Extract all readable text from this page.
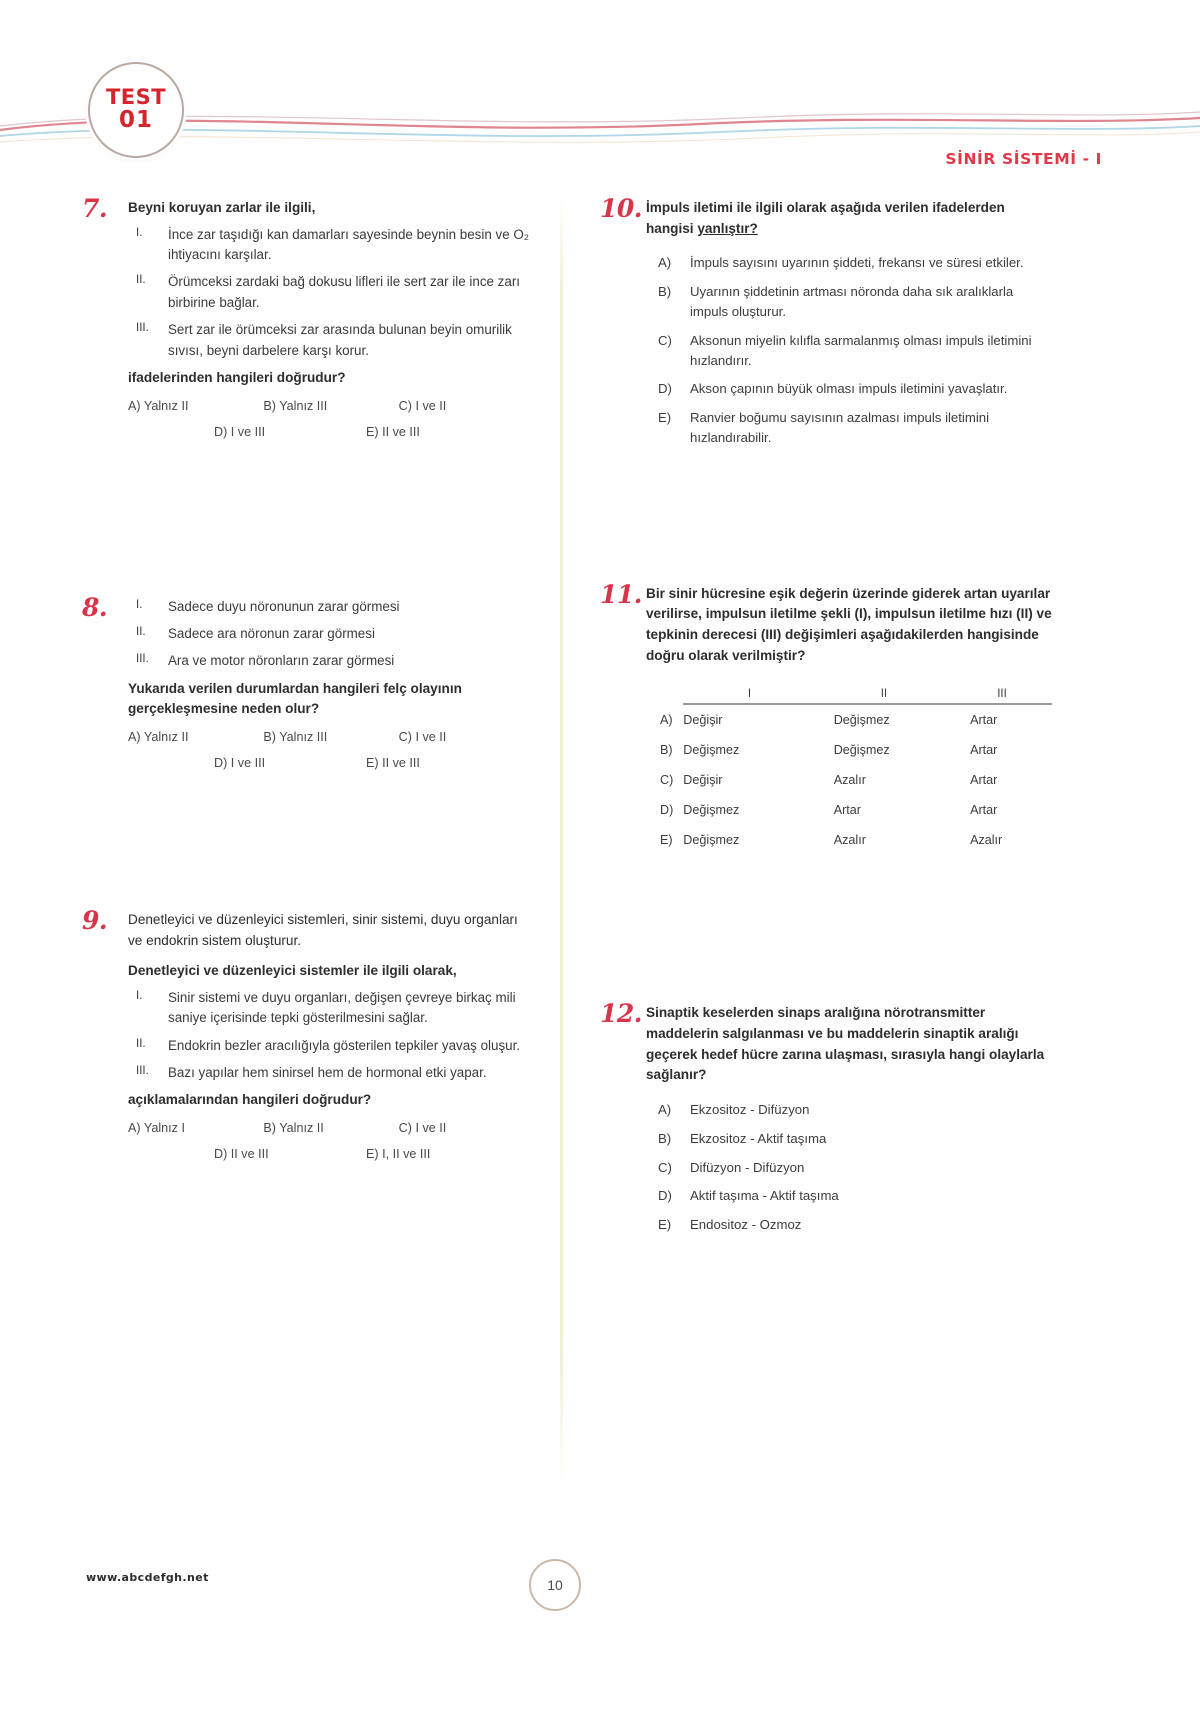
TEST
01
SİNİR SİSTEMİ - I
7. Beyni koruyan zarlar ile ilgili,

I. İnce zar taşıdığı kan damarları sayesinde beynin besin ve O₂ ihtiyacını karşılar.
II. Örümceksi zardaki bağ dokusu lifleri ile sert zar ile ince zarı birbirine bağlar.
III. Sert zar ile örümceksi zar arasında bulunan beyin omurilik sıvısı, beyni darbelere karşı korur.

ifadelerinden hangileri doğrudur?

A) Yalnız II	B) Yalnız III	C) I ve II
D) I ve III	E) II ve III
8.	I. Sadece duyu nöronunun zarar görmesi
II. Sadece ara nöronun zarar görmesi
III. Ara ve motor nöronların zarar görmesi

Yukarıda verilen durumlardan hangileri felç olayının gerçekleşmesine neden olur?

A) Yalnız II	B) Yalnız III	C) I ve II
D) I ve III	E) II ve III
9. Denetleyici ve düzenleyici sistemleri, sinir sistemi, duyu organları ve endokrin sistem oluşturur.

Denetleyici ve düzenleyici sistemler ile ilgili olarak,

I. Sinir sistemi ve duyu organları, değişen çevreye birkaç mili saniye içerisinde tepki gösterilmesini sağlar.
II. Endokrin bezler aracılığıyla gösterilen tepkiler yavaş oluşur.
III. Bazı yapılar hem sinirsel hem de hormonal etki yapar.

açıklamalarından hangileri doğrudur?

A) Yalnız I	B) Yalnız II	C) I ve II
D) II ve III	E) I, II ve III
10. İmpuls iletimi ile ilgili olarak aşağıda verilen ifadelerden hangisi yanlıştır?

A) İmpuls sayısını uyarının şiddeti, frekansı ve süresi etkiler.
B) Uyarının şiddetinin artması nöronda daha sık aralıklarla impuls oluşturur.
C) Aksonun miyelin kılıfla sarmalanmış olması impuls iletimini hızlandırır.
D) Akson çapının büyük olması impuls iletimini yavaşlatır.
E) Ranvier boğumu sayısının azalması impuls iletimini hızlandırabilir.
11. Bir sinir hücresine eşik değerin üzerinde giderek artan uyarılar verilirse, impulsun iletilme şekli (I), impulsun iletilme hızı (II) ve tepkinin derecesi (III) değişimleri aşağıdakilerden hangisinde doğru olarak verilmiştir?

	I	II	III
A)	Değişir	Değişmez	Artar
B)	Değişmez	Değişmez	Artar
C)	Değişir	Azalır	Artar
D)	Değişmez	Artar	Artar
E)	Değişmez	Azalır	Azalır
12. Sinaptik keselerden sinaps aralığına nörotransmitter maddelerin salgılanması ve bu maddelerin sinaptik aralığı geçerek hedef hücre zarına ulaşması, sırasıyla hangi olaylarla sağlanır?

A) Ekzositoz - Difüzyon
B) Ekzositoz - Aktif taşıma
C) Difüzyon - Difüzyon
D) Aktif taşıma - Aktif taşıma
E) Endositoz - Ozmoz
www.abcdefgh.net	10
